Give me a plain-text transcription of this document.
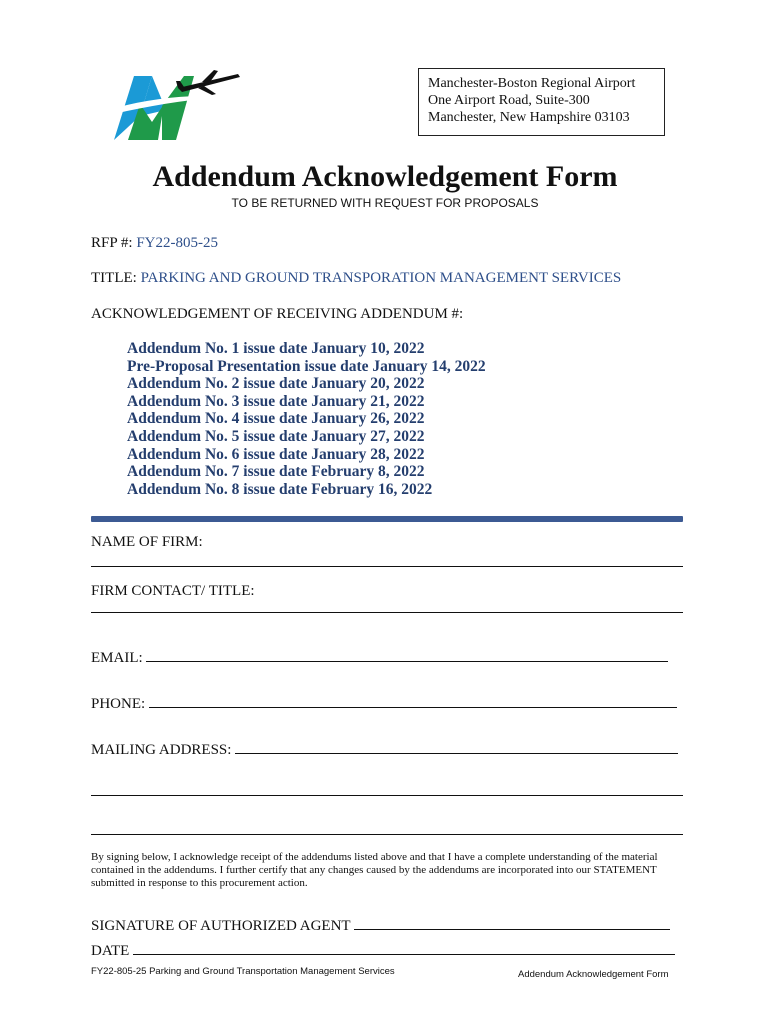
Manchester-Boston Regional Airport
One Airport Road, Suite-300
Manchester, New Hampshire 03103
Addendum Acknowledgement Form
TO BE RETURNED WITH REQUEST FOR PROPOSALS
RFP #: FY22-805-25
TITLE: PARKING AND GROUND TRANSPORATION MANAGEMENT SERVICES
ACKNOWLEDGEMENT OF RECEIVING ADDENDUM #:
Addendum No. 1 issue date January 10, 2022
Pre-Proposal Presentation issue date January 14, 2022
Addendum No. 2 issue date January 20, 2022
Addendum No. 3 issue date January 21, 2022
Addendum No. 4 issue date January 26, 2022
Addendum No. 5 issue date January 27, 2022
Addendum No. 6 issue date January 28, 2022
Addendum No. 7 issue date February 8, 2022
Addendum No. 8 issue date February 16, 2022
NAME OF FIRM:
FIRM CONTACT/ TITLE:
EMAIL:
PHONE:
MAILING ADDRESS:
By signing below, I acknowledge receipt of the addendums listed above and that I have a complete understanding of the material contained in the addendums. I further certify that any changes caused by the addendums are incorporated into our STATEMENT submitted in response to this procurement action.
SIGNATURE OF AUTHORIZED AGENT
DATE
FY22-805-25 Parking and Ground Transportation Management Services	Addendum Acknowledgement Form
